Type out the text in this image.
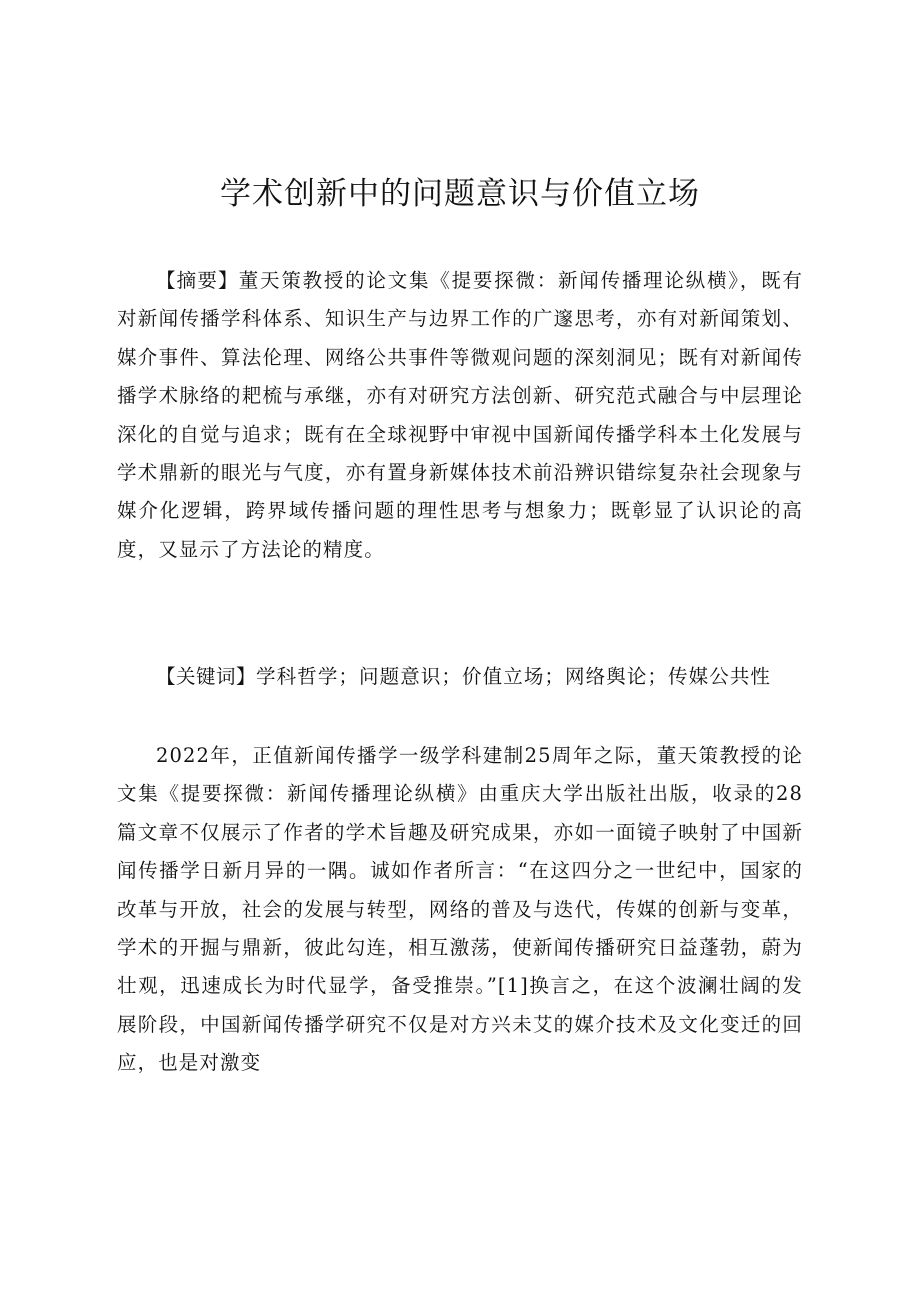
学术创新中的问题意识与价值立场

【摘要】董天策教授的论文集《提要探微：新闻传播理论纵横》，既有对新闻传播学科体系、知识生产与边界工作的广邃思考，亦有对新闻策划、媒介事件、算法伦理、网络公共事件等微观问题的深刻洞见；既有对新闻传播学术脉络的耙梳与承继，亦有对研究方法创新、研究范式融合与中层理论深化的自觉与追求；既有在全球视野中审视中国新闻传播学科本土化发展与学术鼎新的眼光与气度，亦有置身新媒体技术前沿辨识错综复杂社会现象与媒介化逻辑，跨界域传播问题的理性思考与想象力；既彰显了认识论的高度，又显示了方法论的精度。

【关键词】学科哲学；问题意识；价值立场；网络舆论；传媒公共性

2022年，正值新闻传播学一级学科建制25周年之际，董天策教授的论文集《提要探微：新闻传播理论纵横》由重庆大学出版社出版，收录的28篇文章不仅展示了作者的学术旨趣及研究成果，亦如一面镜子映射了中国新闻传播学日新月异的一隅。诚如作者所言：“在这四分之一世纪中，国家的改革与开放，社会的发展与转型，网络的普及与迭代，传媒的创新与变革，学术的开掘与鼎新，彼此勾连，相互激荡，使新闻传播研究日益蓬勃，蔚为壮观，迅速成长为时代显学，备受推崇。”[1]换言之，在这个波澜壮阔的发展阶段，中国新闻传播学研究不仅是对方兴未艾的媒介技术及文化变迁的回应，也是对激变
